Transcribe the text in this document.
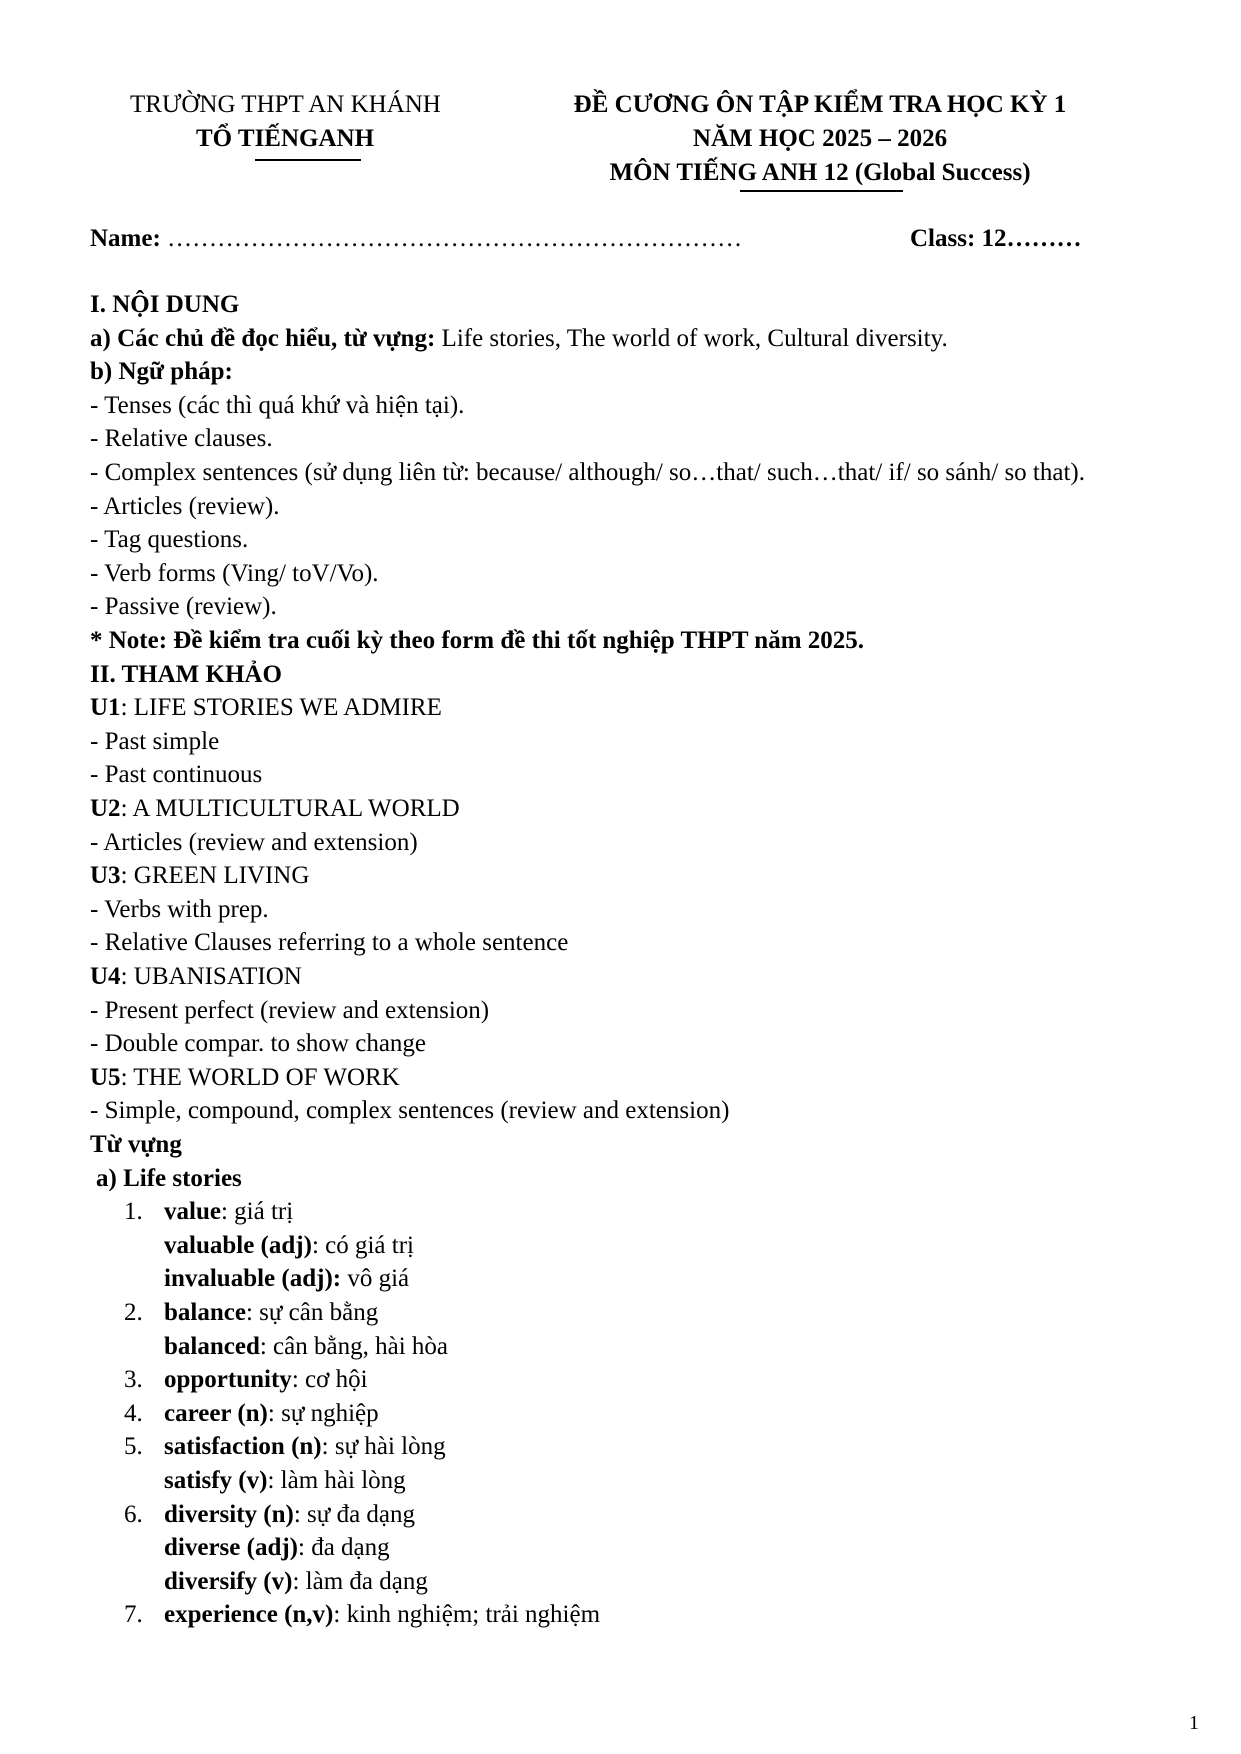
TRƯỜNG THPT AN KHÁNH
TỔ TIẾNGANH
ĐỀ CƯƠNG ÔN TẬP KIỂM TRA HỌC KỲ 1
NĂM HỌC 2025 – 2026
MÔN TIẾNG ANH 12 (Global Success)
Name: ……………………………………………………………	Class: 12………
I. NỘI DUNG
a) Các chủ đề đọc hiểu, từ vựng: Life stories, The world of work, Cultural diversity.
b) Ngữ pháp:
- Tenses (các thì quá khứ và hiện tại).
- Relative clauses.
- Complex sentences (sử dụng liên từ: because/ although/ so…that/ such…that/ if/ so sánh/ so that).
- Articles (review).
- Tag questions.
- Verb forms (Ving/ toV/Vo).
- Passive (review).
* Note: Đề kiểm tra cuối kỳ theo form đề thi tốt nghiệp THPT năm 2025.
II. THAM KHẢO
U1: LIFE STORIES WE ADMIRE
- Past simple
- Past continuous
U2: A MULTICULTURAL WORLD
- Articles (review and extension)
U3: GREEN LIVING
- Verbs with prep.
- Relative Clauses referring to a whole sentence
U4: UBANISATION
- Present perfect (review and extension)
- Double compar. to show change
U5: THE WORLD OF WORK
- Simple, compound, complex sentences (review and extension)
Từ vựng
a) Life stories
1. value: giá trị
valuable (adj): có giá trị
invaluable (adj): vô giá
2. balance: sự cân bằng
balanced: cân bằng, hài hòa
3. opportunity: cơ hội
4. career (n): sự nghiệp
5. satisfaction (n): sự hài lòng
satisfy (v): làm hài lòng
6. diversity (n): sự đa dạng
diverse (adj): đa dạng
diversify (v): làm đa dạng
7. experience (n,v): kinh nghiệm; trải nghiệm
1
